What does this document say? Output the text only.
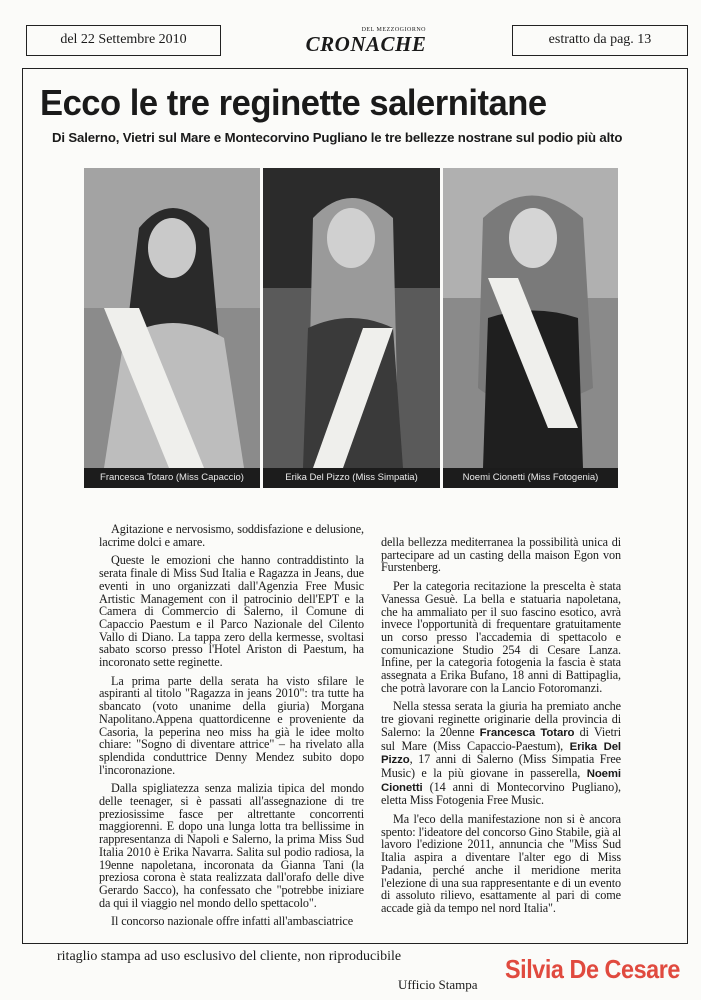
del 22 Settembre 2010
DEL MEZZOGIORNO
CRONACHE	estratto da pag. 13
Ecco le tre reginette salernitane
Di Salerno, Vietri sul Mare e Montecorvino Pugliano le tre bellezze nostrane sul podio più alto
Francesca Totaro (Miss Capaccio)	Erika Del Pizzo (Miss Simpatia)	Noemi Cionetti (Miss Fotogenia)

Agitazione e nervosismo, soddisfazione e delusione, lacrime dolci e amare.

Queste le emozioni che hanno contraddistinto la serata finale di Miss Sud Italia e Ragazza in Jeans, due eventi in uno organizzati dall'Agenzia Free Music Artistic Management con il patrocinio dell'EPT e la Camera di Commercio di Salerno, il Comune di Capaccio Paestum e il Parco Nazionale del Cilento Vallo di Diano. La tappa zero della kermesse, svoltasi sabato scorso presso l'Hotel Ariston di Paestum, ha incoronato sette reginette.

La prima parte della serata ha visto sfilare le aspiranti al titolo "Ragazza in jeans 2010": tra tutte ha sbancato (voto unanime della giuria) Morgana Napolitano.Appena quattordicenne e proveniente da Casoria, la peperina neo miss ha già le idee molto chiare: "Sogno di diventare attrice" – ha rivelato alla splendida conduttrice Denny Mendez subito dopo l'incoronazione.

Dalla spigliatezza senza malizia tipica del mondo delle teenager, si è passati all'assegnazione di tre preziosissime fasce per altrettante concorrenti maggiorenni. E dopo una lunga lotta tra bellissime in rappresentanza di Napoli e Salerno, la prima Miss Sud Italia 2010 è Erika Navarra. Salita sul podio radiosa, la 19enne napoletana, incoronata da Gianna Tani (la preziosa corona è stata realizzata dall'orafo delle dive Gerardo Sacco), ha confessato che "potrebbe iniziare da qui il viaggio nel mondo dello spettacolo".

Il concorso nazionale offre infatti all'ambasciatrice

della bellezza mediterranea la possibilità unica di partecipare ad un casting della maison Egon von Furstenberg.

Per la categoria recitazione la prescelta è stata Vanessa Gesuè. La bella e statuaria napoletana, che ha ammaliato per il suo fascino esotico, avrà invece l'opportunità di frequentare gratuitamente un corso presso l'accademia di spettacolo e comunicazione Studio 254 di Cesare Lanza. Infine, per la categoria fotogenia la fascia è stata assegnata a Erika Bufano, 18 anni di Battipaglia, che potrà lavorare con la Lancio Fotoromanzi.

Nella stessa serata la giuria ha premiato anche tre giovani reginette originarie della provincia di Salerno: la 20enne Francesca Totaro di Vietri sul Mare (Miss Capaccio-Paestum), Erika Del Pizzo, 17 anni di Salerno (Miss Simpatia Free Music) e la più giovane in passerella, Noemi Cionetti (14 anni di Montecorvino Pugliano), eletta Miss Fotogenia Free Music.

Ma l'eco della manifestazione non si è ancora spento: l'ideatore del concorso Gino Stabile, già al lavoro l'edizione 2011, annuncia che "Miss Sud Italia aspira a diventare l'alter ego di Miss Padania, perché anche il meridione merita l'elezione di una sua rappresentante e di un evento di assoluto rilievo, esattamente al pari di come accade già da tempo nel nord Italia".

ritaglio stampa ad uso esclusivo del cliente, non riproducibile
Ufficio Stampa
Silvia De Cesare
